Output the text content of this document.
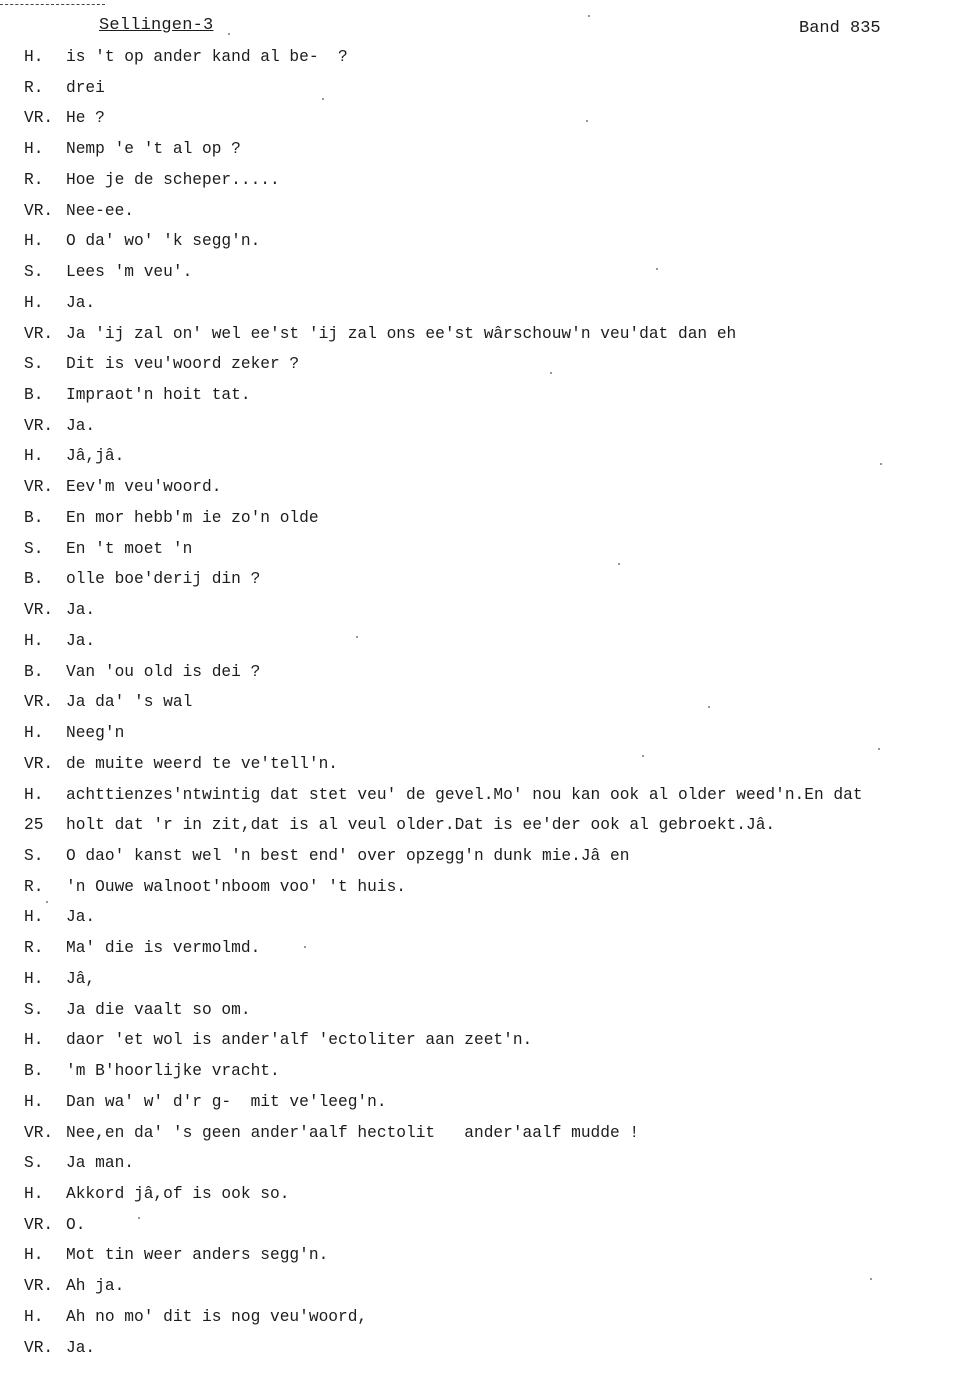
Sellingen-3	Band 835
H. is 't op ander kand al be-  ?
R. drei
VR. He ?
H. Nemp 'e 't al op ?
R. Hoe je de scheper.....
VR. Nee-ee.
H. O da' wo' 'k segg'n.
S. Lees 'm veu'.
H. Ja.
VR. Ja 'ij zal on' wel ee'st 'ij zal ons ee'st wârschouw'n veu'dat dan eh
S. Dit is veu'woord zeker ?
B. Impraot'n hoit tat.
VR. Ja.
H. Jâ,jâ.
VR. Eev'm veu'woord.
B. En mor hebb'm ie zo'n olde
S. En 't moet 'n
B. olle boe'derij din ?
VR. Ja.
H. Ja.
B. Van 'ou old is dei ?
VR. Ja da' 's wal
H. Neeg'n
VR. de muite weerd te ve'tell'n.
H. achttienzes'ntwintig dat stet veu' de gevel.Mo' nou kan ook al older weed'n.En dat
25 holt dat 'r in zit,dat is al veul older.Dat is ee'der ook al gebroekt.Jâ.
S. O dao' kanst wel 'n best end' over opzegg'n dunk mie.Jâ en
R. 'n Ouwe walnoot'nboom voo' 't huis.
H. Ja.
R. Ma' die is vermolmd.
H. Jâ,
S. Ja die vaalt so om.
H. daor 'et wol is ander'alf 'ectoliter aan zeet'n.
B. 'm B'hoorlijke vracht.
H. Dan wa' w' d'r g-  mit ve'leeg'n.
VR. Nee,en da' 's geen ander'aalf hectolit   ander'aalf mudde !
S. Ja man.
H. Akkord jâ,of is ook so.
VR. O.
H. Mot tin weer anders segg'n.
VR. Ah ja.
H. Ah no mo' dit is nog veu'woord,
VR. Ja.
